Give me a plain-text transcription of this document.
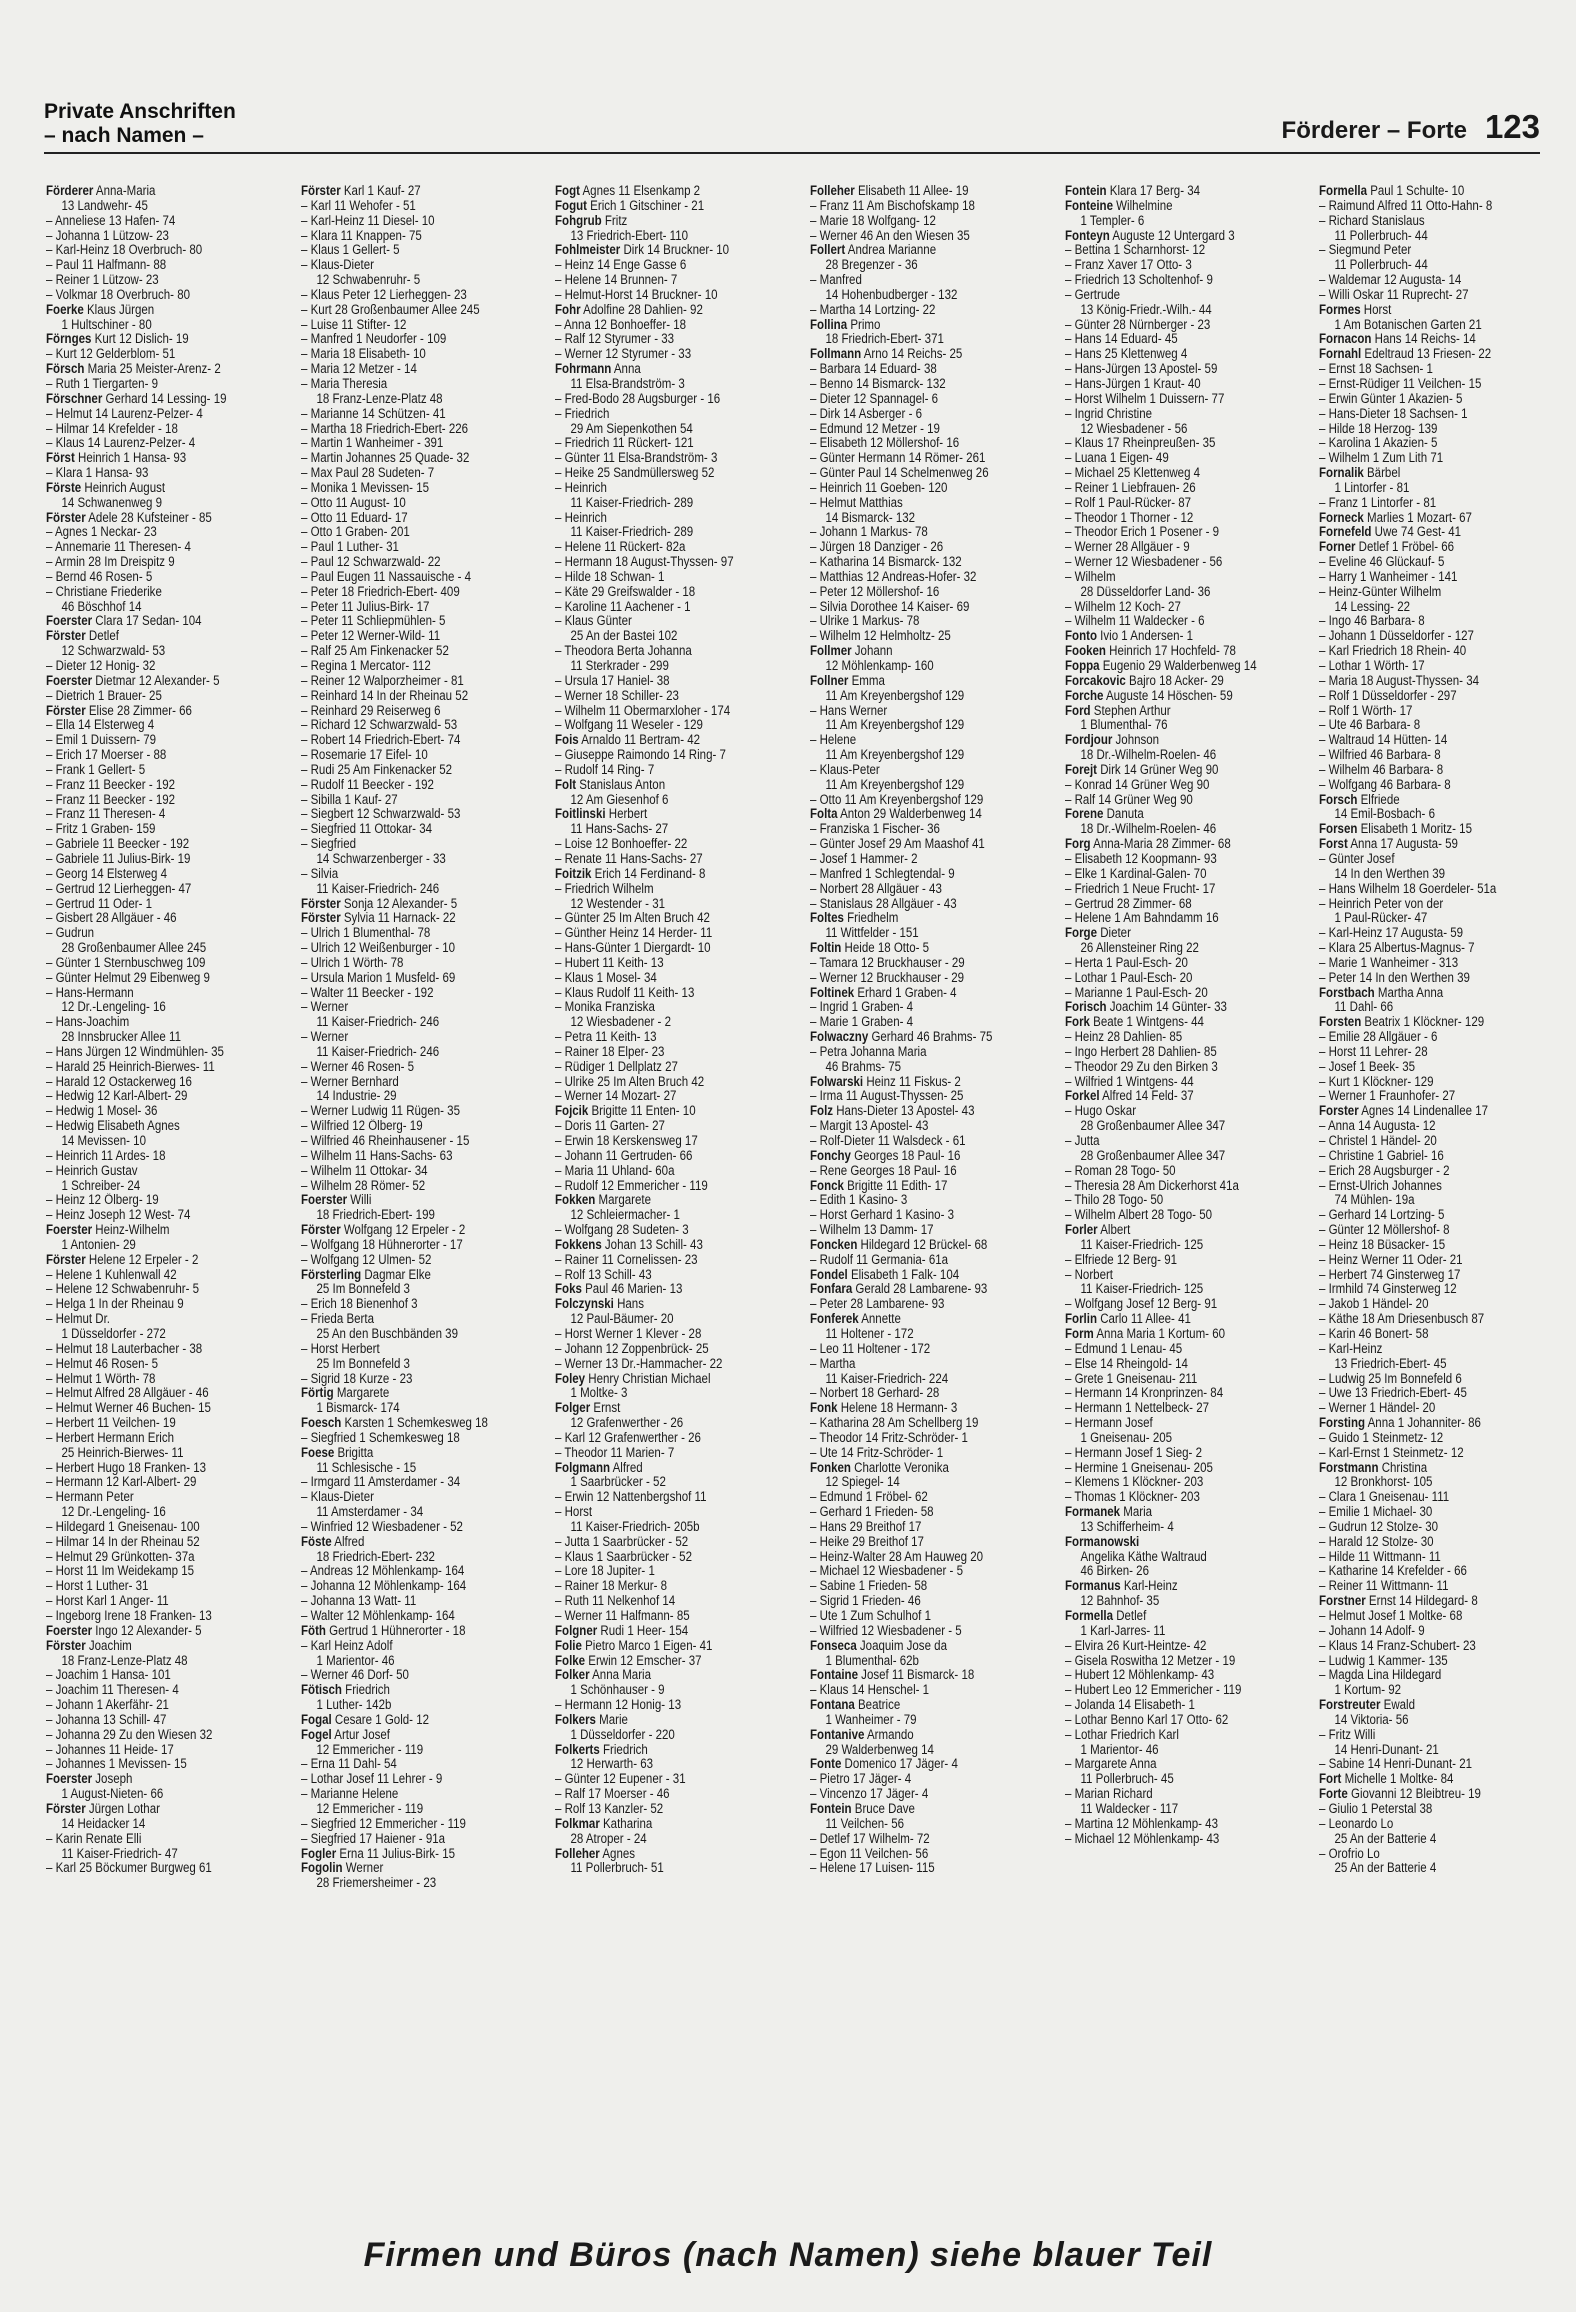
Private Anschriften
– nach Namen –	Förderer – Forte 123
Förderer Anna-Maria
13 Landwehr- 45
– Anneliese 13 Hafen- 74
– Johanna 1 Lützow- 23
– Karl-Heinz 18 Overbruch- 80
– Paul 11 Halfmann- 88
– Reiner 1 Lützow- 23
– Volkmar 18 Overbruch- 80
Foerke Klaus Jürgen
1 Hultschiner - 80
Förnges Kurt 12 Dislich- 19
– Kurt 12 Gelderblom- 51
Försch Maria 25 Meister-Arenz- 2
– Ruth 1 Tiergarten- 9
Förschner Gerhard 14 Lessing- 19
– Helmut 14 Laurenz-Pelzer- 4
– Hilmar 14 Krefelder - 18
– Klaus 14 Laurenz-Pelzer- 4
Först Heinrich 1 Hansa- 93
– Klara 1 Hansa- 93
Förste Heinrich August
14 Schwanenweg 9
Förster Adele 28 Kufsteiner - 85
– Agnes 1 Neckar- 23
– Annemarie 11 Theresen- 4
– Armin 28 Im Dreispitz 9
– Bernd 46 Rosen- 5
– Christiane Friederike
46 Böschhof 14
Foerster Clara 17 Sedan- 104
Förster Detlef
12 Schwarzwald- 53
– Dieter 12 Honig- 32
Foerster Dietmar 12 Alexander- 5
– Dietrich 1 Brauer- 25
Förster Elise 28 Zimmer- 66
– Ella 14 Elsterweg 4
– Emil 1 Duissern- 79
– Erich 17 Moerser - 88
– Frank 1 Gellert- 5
– Franz 11 Beecker - 192
– Franz 11 Beecker - 192
– Franz 11 Theresen- 4
– Fritz 1 Graben- 159
– Gabriele 11 Beecker - 192
– Gabriele 11 Julius-Birk- 19
– Georg 14 Elsterweg 4
– Gertrud 12 Lierheggen- 47
– Gertrud 11 Oder- 1
– Gisbert 28 Allgäuer - 46
– Gudrun
28 Großenbaumer Allee 245
– Günter 1 Sternbuschweg 109
– Günter Helmut 29 Eibenweg 9
– Hans-Hermann
12 Dr.-Lengeling- 16
– Hans-Joachim
28 Innsbrucker Allee 11
– Hans Jürgen 12 Windmühlen- 35
– Harald 25 Heinrich-Bierwes- 11
– Harald 12 Ostackerweg 16
– Hedwig 12 Karl-Albert- 29
– Hedwig 1 Mosel- 36
– Hedwig Elisabeth Agnes
14 Mevissen- 10
– Heinrich 11 Ardes- 18
– Heinrich Gustav
1 Schreiber- 24
– Heinz 12 Ölberg- 19
– Heinz Joseph 12 West- 74
Foerster Heinz-Wilhelm
1 Antonien- 29
Förster Helene 12 Erpeler - 2
– Helene 1 Kuhlenwall 42
– Helene 12 Schwabenruhr- 5
– Helga 1 In der Rheinau 9
– Helmut Dr.
1 Düsseldorfer - 272
– Helmut 18 Lauterbacher - 38
– Helmut 46 Rosen- 5
– Helmut 1 Wörth- 78
– Helmut Alfred 28 Allgäuer - 46
– Helmut Werner 46 Buchen- 15
– Herbert 11 Veilchen- 19
– Herbert Hermann Erich
25 Heinrich-Bierwes- 11
– Herbert Hugo 18 Franken- 13
– Hermann 12 Karl-Albert- 29
– Hermann Peter
12 Dr.-Lengeling- 16
– Hildegard 1 Gneisenau- 100
– Hilmar 14 In der Rheinau 52
– Helmut 29 Grünkotten- 37a
– Horst 11 Im Weidekamp 15
– Horst 1 Luther- 31
– Horst Karl 1 Anger- 11
– Ingeborg Irene 18 Franken- 13
Foerster Ingo 12 Alexander- 5
Förster Joachim
18 Franz-Lenze-Platz 48
– Joachim 1 Hansa- 101
– Joachim 11 Theresen- 4
– Johann 1 Akerfähr- 21
– Johanna 13 Schill- 47
– Johanna 29 Zu den Wiesen 32
– Johannes 11 Heide- 17
– Johannes 1 Mevissen- 15
Foerster Joseph
1 August-Nieten- 66
Förster Jürgen Lothar
14 Heidacker 14
– Karin Renate Elli
11 Kaiser-Friedrich- 47
– Karl 25 Böckumer Burgweg 61
Förster Karl 1 Kauf- 27
– Karl 11 Wehofer - 51
– Karl-Heinz 11 Diesel- 10
– Klara 11 Knappen- 75
– Klaus 1 Gellert- 5
– Klaus-Dieter
12 Schwabenruhr- 5
– Klaus Peter 12 Lierheggen- 23
– Kurt 28 Großenbaumer Allee 245
– Luise 11 Stifter- 12
– Manfred 1 Neudorfer - 109
– Maria 18 Elisabeth- 10
– Maria 12 Metzer - 14
– Maria Theresia
18 Franz-Lenze-Platz 48
– Marianne 14 Schützen- 41
– Martha 18 Friedrich-Ebert- 226
– Martin 1 Wanheimer - 391
– Martin Johannes 25 Quade- 32
– Max Paul 28 Sudeten- 7
– Monika 1 Mevissen- 15
– Otto 11 August- 10
– Otto 11 Eduard- 17
– Otto 1 Graben- 201
– Paul 1 Luther- 31
– Paul 12 Schwarzwald- 22
– Paul Eugen 11 Nassauische - 4
– Peter 18 Friedrich-Ebert- 409
– Peter 11 Julius-Birk- 17
– Peter 11 Schliepmühlen- 5
– Peter 12 Werner-Wild- 11
– Ralf 25 Am Finkenacker 52
– Regina 1 Mercator- 112
– Reiner 12 Walporzheimer - 81
– Reinhard 14 In der Rheinau 52
– Reinhard 29 Reiserweg 6
– Richard 12 Schwarzwald- 53
– Robert 14 Friedrich-Ebert- 74
– Rosemarie 17 Eifel- 10
– Rudi 25 Am Finkenacker 52
– Rudolf 11 Beecker - 192
– Sibilla 1 Kauf- 27
– Siegbert 12 Schwarzwald- 53
– Siegfried 11 Ottokar- 34
– Siegfried
14 Schwarzenberger - 33
– Silvia
11 Kaiser-Friedrich- 246
Förster Sonja 12 Alexander- 5
Förster Sylvia 11 Harnack- 22
– Ulrich 1 Blumenthal- 78
– Ulrich 12 Weißenburger - 10
– Ulrich 1 Wörth- 78
– Ursula Marion 1 Musfeld- 69
– Walter 11 Beecker - 192
– Werner
11 Kaiser-Friedrich- 246
– Werner
11 Kaiser-Friedrich- 246
– Werner 46 Rosen- 5
– Werner Bernhard
14 Industrie- 29
– Werner Ludwig 11 Rügen- 35
– Wilfried 12 Ölberg- 19
– Wilfried 46 Rheinhausener - 15
– Wilhelm 11 Hans-Sachs- 63
– Wilhelm 11 Ottokar- 34
– Wilhelm 28 Römer- 52
Foerster Willi
18 Friedrich-Ebert- 199
Förster Wolfgang 12 Erpeler - 2
– Wolfgang 18 Hühnerorter - 17
– Wolfgang 12 Ulmen- 52
Försterling Dagmar Elke
25 Im Bonnefeld 3
– Erich 18 Bienenhof 3
– Frieda Berta
25 An den Buschbänden 39
– Horst Herbert
25 Im Bonnefeld 3
– Sigrid 18 Kurze - 23
Förtig Margarete
1 Bismarck- 174
Foesch Karsten 1 Schemkesweg 18
– Siegfried 1 Schemkesweg 18
Foese Brigitta
11 Schlesische - 15
– Irmgard 11 Amsterdamer - 34
– Klaus-Dieter
11 Amsterdamer - 34
– Winfried 12 Wiesbadener - 52
Föste Alfred
18 Friedrich-Ebert- 232
– Andreas 12 Möhlenkamp- 164
– Johanna 12 Möhlenkamp- 164
– Johanna 13 Watt- 11
– Walter 12 Möhlenkamp- 164
Föth Gertrud 1 Hühnerorter - 18
– Karl Heinz Adolf
1 Marientor- 46
– Werner 46 Dorf- 50
Fötisch Friedrich
1 Luther- 142b
Fogal Cesare 1 Gold- 12
Fogel Artur Josef
12 Emmericher - 119
– Erna 11 Dahl- 54
– Lothar Josef 11 Lehrer - 9
– Marianne Helene
12 Emmericher - 119
– Siegfried 12 Emmericher - 119
– Siegfried 17 Haiener - 91a
Fogler Erna 11 Julius-Birk- 15
Fogolin Werner
28 Friemersheimer - 23
Fogt Agnes 11 Elsenkamp 2
Fogut Erich 1 Gitschiner - 21
Fohgrub Fritz
13 Friedrich-Ebert- 110
Fohlmeister Dirk 14 Bruckner- 10
– Heinz 14 Enge Gasse 6
– Helene 14 Brunnen- 7
– Helmut-Horst 14 Bruckner- 10
Fohr Adolfine 28 Dahlien- 92
– Anna 12 Bonhoeffer- 18
– Ralf 12 Styrumer - 33
– Werner 12 Styrumer - 33
Fohrmann Anna
11 Elsa-Brandström- 3
– Fred-Bodo 28 Augsburger - 16
– Friedrich
29 Am Siepenkothen 54
– Friedrich 11 Rückert- 121
– Günter 11 Elsa-Brandström- 3
– Heike 25 Sandmüllersweg 52
– Heinrich
11 Kaiser-Friedrich- 289
– Heinrich
11 Kaiser-Friedrich- 289
– Helene 11 Rückert- 82a
– Hermann 18 August-Thyssen- 97
– Hilde 18 Schwan- 1
– Käte 29 Greifswalder - 18
– Karoline 11 Aachener - 1
– Klaus Günter
25 An der Bastei 102
– Theodora Berta Johanna
11 Sterkrader - 299
– Ursula 17 Haniel- 38
– Werner 18 Schiller- 23
– Wilhelm 11 Obermarxloher - 174
– Wolfgang 11 Weseler - 129
Fois Arnaldo 11 Bertram- 42
– Giuseppe Raimondo 14 Ring- 7
– Rudolf 14 Ring- 7
Folt Stanislaus Anton
12 Am Giesenhof 6
Foitlinski Herbert
11 Hans-Sachs- 27
– Loise 12 Bonhoeffer- 22
– Renate 11 Hans-Sachs- 27
Foitzik Erich 14 Ferdinand- 8
– Friedrich Wilhelm
12 Westender - 31
– Günter 25 Im Alten Bruch 42
– Günther Heinz 14 Herder- 11
– Hans-Günter 1 Diergardt- 10
– Hubert 11 Keith- 13
– Klaus 1 Mosel- 34
– Klaus Rudolf 11 Keith- 13
– Monika Franziska
12 Wiesbadener - 2
– Petra 11 Keith- 13
– Rainer 18 Elper- 23
– Rüdiger 1 Dellplatz 27
– Ulrike 25 Im Alten Bruch 42
– Werner 14 Mozart- 27
Fojcik Brigitte 11 Enten- 10
– Doris 11 Garten- 27
– Erwin 18 Kerskensweg 17
– Johann 11 Gertruden- 66
– Maria 11 Uhland- 60a
– Rudolf 12 Emmericher - 119
Fokken Margarete
12 Schleiermacher- 1
– Wolfgang 28 Sudeten- 3
Fokkens Johan 13 Schill- 43
– Rainer 11 Cornelissen- 23
– Rolf 13 Schill- 43
Foks Paul 46 Marien- 13
Folczynski Hans
12 Paul-Bäumer- 20
– Horst Werner 1 Klever - 28
– Johann 12 Zoppenbrück- 25
– Werner 13 Dr.-Hammacher- 22
Foley Henry Christian Michael
1 Moltke- 3
Folger Ernst
12 Grafenwerther - 26
– Karl 12 Grafenwerther - 26
– Theodor 11 Marien- 7
Folgmann Alfred
1 Saarbrücker - 52
– Erwin 12 Nattenbergshof 11
– Horst
11 Kaiser-Friedrich- 205b
– Jutta 1 Saarbrücker - 52
– Klaus 1 Saarbrücker - 52
– Lore 18 Jupiter- 1
– Rainer 18 Merkur- 8
– Ruth 11 Nelkenhof 14
– Werner 11 Halfmann- 85
Folgner Rudi 1 Heer- 154
Folie Pietro Marco 1 Eigen- 41
Folke Erwin 12 Emscher- 37
Folker Anna Maria
1 Schönhauser - 9
– Hermann 12 Honig- 13
Folkers Marie
1 Düsseldorfer - 220
Folkerts Friedrich
12 Herwarth- 63
– Günter 12 Eupener - 31
– Ralf 17 Moerser - 46
– Rolf 13 Kanzler- 52
Folkmar Katharina
28 Atroper - 24
Folleher Agnes
11 Pollerbruch- 51
Folleher Elisabeth 11 Allee- 19
– Franz 11 Am Bischofskamp 18
– Marie 18 Wolfgang- 12
– Werner 46 An den Wiesen 35
Follert Andrea Marianne
28 Bregenzer - 36
– Manfred
14 Hohenbudberger - 132
– Martha 14 Lortzing- 22
Follina Primo
18 Friedrich-Ebert- 371
Follmann Arno 14 Reichs- 25
– Barbara 14 Eduard- 38
– Benno 14 Bismarck- 132
– Dieter 12 Spannagel- 6
– Dirk 14 Asberger - 6
– Edmund 12 Metzer - 19
– Elisabeth 12 Möllershof- 16
– Günter Hermann 14 Römer- 261
– Günter Paul 14 Schelmenweg 26
– Heinrich 11 Goeben- 120
– Helmut Matthias
14 Bismarck- 132
– Johann 1 Markus- 78
– Jürgen 18 Danziger - 26
– Katharina 14 Bismarck- 132
– Matthias 12 Andreas-Hofer- 32
– Peter 12 Möllershof- 16
– Silvia Dorothee 14 Kaiser- 69
– Ulrike 1 Markus- 78
– Wilhelm 12 Helmholtz- 25
Follmer Johann
12 Möhlenkamp- 160
Follner Emma
11 Am Kreyenbergshof 129
– Hans Werner
11 Am Kreyenbergshof 129
– Helene
11 Am Kreyenbergshof 129
– Klaus-Peter
11 Am Kreyenbergshof 129
– Otto 11 Am Kreyenbergshof 129
Folta Anton 29 Walderbenweg 14
– Franziska 1 Fischer- 36
– Günter Josef 29 Am Maashof 41
– Josef 1 Hammer- 2
– Manfred 1 Schlegtendal- 9
– Norbert 28 Allgäuer - 43
– Stanislaus 28 Allgäuer - 43
Foltes Friedhelm
11 Wittfelder - 151
Foltin Heide 18 Otto- 5
– Tamara 12 Bruckhauser - 29
– Werner 12 Bruckhauser - 29
Foltinek Erhard 1 Graben- 4
– Ingrid 1 Graben- 4
– Marie 1 Graben- 4
Folwaczny Gerhard 46 Brahms- 75
– Petra Johanna Maria
46 Brahms- 75
Folwarski Heinz 11 Fiskus- 2
– Irma 11 August-Thyssen- 25
Folz Hans-Dieter 13 Apostel- 43
– Margit 13 Apostel- 43
– Rolf-Dieter 11 Walsdeck - 61
Fonchy Georges 18 Paul- 16
– Rene Georges 18 Paul- 16
Fonck Brigitte 11 Edith- 17
– Edith 1 Kasino- 3
– Horst Gerhard 1 Kasino- 3
– Wilhelm 13 Damm- 17
Foncken Hildegard 12 Brückel- 68
– Rudolf 11 Germania- 61a
Fondel Elisabeth 1 Falk- 104
Fonfara Gerald 28 Lambarene- 93
– Peter 28 Lambarene- 93
Fonferek Annette
11 Holtener - 172
– Leo 11 Holtener - 172
– Martha
11 Kaiser-Friedrich- 224
– Norbert 18 Gerhard- 28
Fonk Helene 18 Hermann- 3
– Katharina 28 Am Schellberg 19
– Theodor 14 Fritz-Schröder- 1
– Ute 14 Fritz-Schröder- 1
Fonken Charlotte Veronika
12 Spiegel- 14
– Edmund 1 Fröbel- 62
– Gerhard 1 Frieden- 58
– Hans 29 Breithof 17
– Heike 29 Breithof 17
– Heinz-Walter 28 Am Hauweg 20
– Michael 12 Wiesbadener - 5
– Sabine 1 Frieden- 58
– Sigrid 1 Frieden- 46
– Ute 1 Zum Schulhof 1
– Wilfried 12 Wiesbadener - 5
Fonseca Joaquim Jose da
1 Blumenthal- 62b
Fontaine Josef 11 Bismarck- 18
– Klaus 14 Henschel- 1
Fontana Beatrice
1 Wanheimer - 79
Fontanive Armando
29 Walderbenweg 14
Fonte Domenico 17 Jäger- 4
– Pietro 17 Jäger- 4
– Vincenzo 17 Jäger- 4
Fontein Bruce Dave
11 Veilchen- 56
– Detlef 17 Wilhelm- 72
– Egon 11 Veilchen- 56
– Helene 17 Luisen- 115
Fontein Klara 17 Berg- 34
Fonteine Wilhelmine
1 Templer- 6
Fonteyn Auguste 12 Untergard 3
– Bettina 1 Scharnhorst- 12
– Franz Xaver 17 Otto- 3
– Friedrich 13 Scholtenhof- 9
– Gertrude
13 König-Friedr.-Wilh.- 44
– Günter 28 Nürnberger - 23
– Hans 14 Eduard- 45
– Hans 25 Klettenweg 4
– Hans-Jürgen 13 Apostel- 59
– Hans-Jürgen 1 Kraut- 40
– Horst Wilhelm 1 Duissern- 77
– Ingrid Christine
12 Wiesbadener - 56
– Klaus 17 Rheinpreußen- 35
– Luana 1 Eigen- 49
– Michael 25 Klettenweg 4
– Reiner 1 Liebfrauen- 26
– Rolf 1 Paul-Rücker- 87
– Theodor 1 Thorner - 12
– Theodor Erich 1 Posener - 9
– Werner 28 Allgäuer - 9
– Werner 12 Wiesbadener - 56
– Wilhelm
28 Düsseldorfer Land- 36
– Wilhelm 12 Koch- 27
– Wilhelm 11 Waldecker - 6
Fonto Ivio 1 Andersen- 1
Fooken Heinrich 17 Hochfeld- 78
Foppa Eugenio 29 Walderbenweg 14
Forcakovic Bajro 18 Acker- 29
Forche Auguste 14 Höschen- 59
Ford Stephen Arthur
1 Blumenthal- 76
Fordjour Johnson
18 Dr.-Wilhelm-Roelen- 46
Forejt Dirk 14 Grüner Weg 90
– Konrad 14 Grüner Weg 90
– Ralf 14 Grüner Weg 90
Forene Danuta
18 Dr.-Wilhelm-Roelen- 46
Forg Anna-Maria 28 Zimmer- 68
– Elisabeth 12 Koopmann- 93
– Elke 1 Kardinal-Galen- 70
– Friedrich 1 Neue Frucht- 17
– Gertrud 28 Zimmer- 68
– Helene 1 Am Bahndamm 16
Forge Dieter
26 Allensteiner Ring 22
– Herta 1 Paul-Esch- 20
– Lothar 1 Paul-Esch- 20
– Marianne 1 Paul-Esch- 20
Forisch Joachim 14 Günter- 33
Fork Beate 1 Wintgens- 44
– Heinz 28 Dahlien- 85
– Ingo Herbert 28 Dahlien- 85
– Theodor 29 Zu den Birken 3
– Wilfried 1 Wintgens- 44
Forkel Alfred 14 Feld- 37
– Hugo Oskar
28 Großenbaumer Allee 347
– Jutta
28 Großenbaumer Allee 347
– Roman 28 Togo- 50
– Theresia 28 Am Dickerhorst 41a
– Thilo 28 Togo- 50
– Wilhelm Albert 28 Togo- 50
Forler Albert
11 Kaiser-Friedrich- 125
– Elfriede 12 Berg- 91
– Norbert
11 Kaiser-Friedrich- 125
– Wolfgang Josef 12 Berg- 91
Forlin Carlo 11 Allee- 41
Form Anna Maria 1 Kortum- 60
– Edmund 1 Lenau- 45
– Else 14 Rheingold- 14
– Grete 1 Gneisenau- 211
– Hermann 14 Kronprinzen- 84
– Hermann 1 Nettelbeck- 27
– Hermann Josef
1 Gneisenau- 205
– Hermann Josef 1 Sieg- 2
– Hermine 1 Gneisenau- 205
– Klemens 1 Klöckner- 203
– Thomas 1 Klöckner- 203
Formanek Maria
13 Schifferheim- 4
Formanowski
Angelika Käthe Waltraud
46 Birken- 26
Formanus Karl-Heinz
12 Bahnhof- 35
Formella Detlef
1 Karl-Jarres- 11
– Elvira 26 Kurt-Heintze- 42
– Gisela Roswitha 12 Metzer - 19
– Hubert 12 Möhlenkamp- 43
– Hubert Leo 12 Emmericher - 119
– Jolanda 14 Elisabeth- 1
– Lothar Benno Karl 17 Otto- 62
– Lothar Friedrich Karl
1 Marientor- 46
– Margarete Anna
11 Pollerbruch- 45
– Marian Richard
11 Waldecker - 117
– Martina 12 Möhlenkamp- 43
– Michael 12 Möhlenkamp- 43
Formella Paul 1 Schulte- 10
– Raimund Alfred 11 Otto-Hahn- 8
– Richard Stanislaus
11 Pollerbruch- 44
– Siegmund Peter
11 Pollerbruch- 44
– Waldemar 12 Augusta- 14
– Willi Oskar 11 Ruprecht- 27
Formes Horst
1 Am Botanischen Garten 21
Fornacon Hans 14 Reichs- 14
Fornahl Edeltraud 13 Friesen- 22
– Ernst 18 Sachsen- 1
– Ernst-Rüdiger 11 Veilchen- 15
– Erwin Günter 1 Akazien- 5
– Hans-Dieter 18 Sachsen- 1
– Hilde 18 Herzog- 139
– Karolina 1 Akazien- 5
– Wilhelm 1 Zum Lith 71
Fornalik Bärbel
1 Lintorfer - 81
– Franz 1 Lintorfer - 81
Forneck Marlies 1 Mozart- 67
Fornefeld Uwe 74 Gest- 41
Forner Detlef 1 Fröbel- 66
– Eveline 46 Glückauf- 5
– Harry 1 Wanheimer - 141
– Heinz-Günter Wilhelm
14 Lessing- 22
– Ingo 46 Barbara- 8
– Johann 1 Düsseldorfer - 127
– Karl Friedrich 18 Rhein- 40
– Lothar 1 Wörth- 17
– Maria 18 August-Thyssen- 34
– Rolf 1 Düsseldorfer - 297
– Rolf 1 Wörth- 17
– Ute 46 Barbara- 8
– Waltraud 14 Hütten- 14
– Wilfried 46 Barbara- 8
– Wilhelm 46 Barbara- 8
– Wolfgang 46 Barbara- 8
Forsch Elfriede
14 Emil-Bosbach- 6
Forsen Elisabeth 1 Moritz- 15
Forst Anna 17 Augusta- 59
– Günter Josef
14 In den Werthen 39
– Hans Wilhelm 18 Goerdeler- 51a
– Heinrich Peter von der
1 Paul-Rücker- 47
– Karl-Heinz 17 Augusta- 59
– Klara 25 Albertus-Magnus- 7
– Marie 1 Wanheimer - 313
– Peter 14 In den Werthen 39
Forstbach Martha Anna
11 Dahl- 66
Forsten Beatrix 1 Klöckner- 129
– Emilie 28 Allgäuer - 6
– Horst 11 Lehrer- 28
– Josef 1 Beek- 35
– Kurt 1 Klöckner- 129
– Werner 1 Fraunhofer- 27
Forster Agnes 14 Lindenallee 17
– Anna 14 Augusta- 12
– Christel 1 Händel- 20
– Christine 1 Gabriel- 16
– Erich 28 Augsburger - 2
– Ernst-Ulrich Johannes
74 Mühlen- 19a
– Gerhard 14 Lortzing- 5
– Günter 12 Möllershof- 8
– Heinz 18 Büsacker- 15
– Heinz Werner 11 Oder- 21
– Herbert 74 Ginsterweg 17
– Irmhild 74 Ginsterweg 12
– Jakob 1 Händel- 20
– Käthe 18 Am Driesenbusch 87
– Karin 46 Bonert- 58
– Karl-Heinz
13 Friedrich-Ebert- 45
– Ludwig 25 Im Bonnefeld 6
– Uwe 13 Friedrich-Ebert- 45
– Werner 1 Händel- 20
Forsting Anna 1 Johanniter- 86
– Guido 1 Steinmetz- 12
– Karl-Ernst 1 Steinmetz- 12
Forstmann Christina
12 Bronkhorst- 105
– Clara 1 Gneisenau- 111
– Emilie 1 Michael- 30
– Gudrun 12 Stolze- 30
– Harald 12 Stolze- 30
– Hilde 11 Wittmann- 11
– Katharine 14 Krefelder - 66
– Reiner 11 Wittmann- 11
Forstner Ernst 14 Hildegard- 8
– Helmut Josef 1 Moltke- 68
– Johann 14 Adolf- 9
– Klaus 14 Franz-Schubert- 23
– Ludwig 1 Kammer- 135
– Magda Lina Hildegard
1 Kortum- 92
Forstreuter Ewald
14 Viktoria- 56
– Fritz Willi
14 Henri-Dunant- 21
– Sabine 14 Henri-Dunant- 21
Fort Michelle 1 Moltke- 84
Forte Giovanni 12 Bleibtreu- 19
– Giulio 1 Peterstal 38
– Leonardo Lo
25 An der Batterie 4
– Orofrio Lo
25 An der Batterie 4
Firmen und Büros (nach Namen) siehe blauer Teil
